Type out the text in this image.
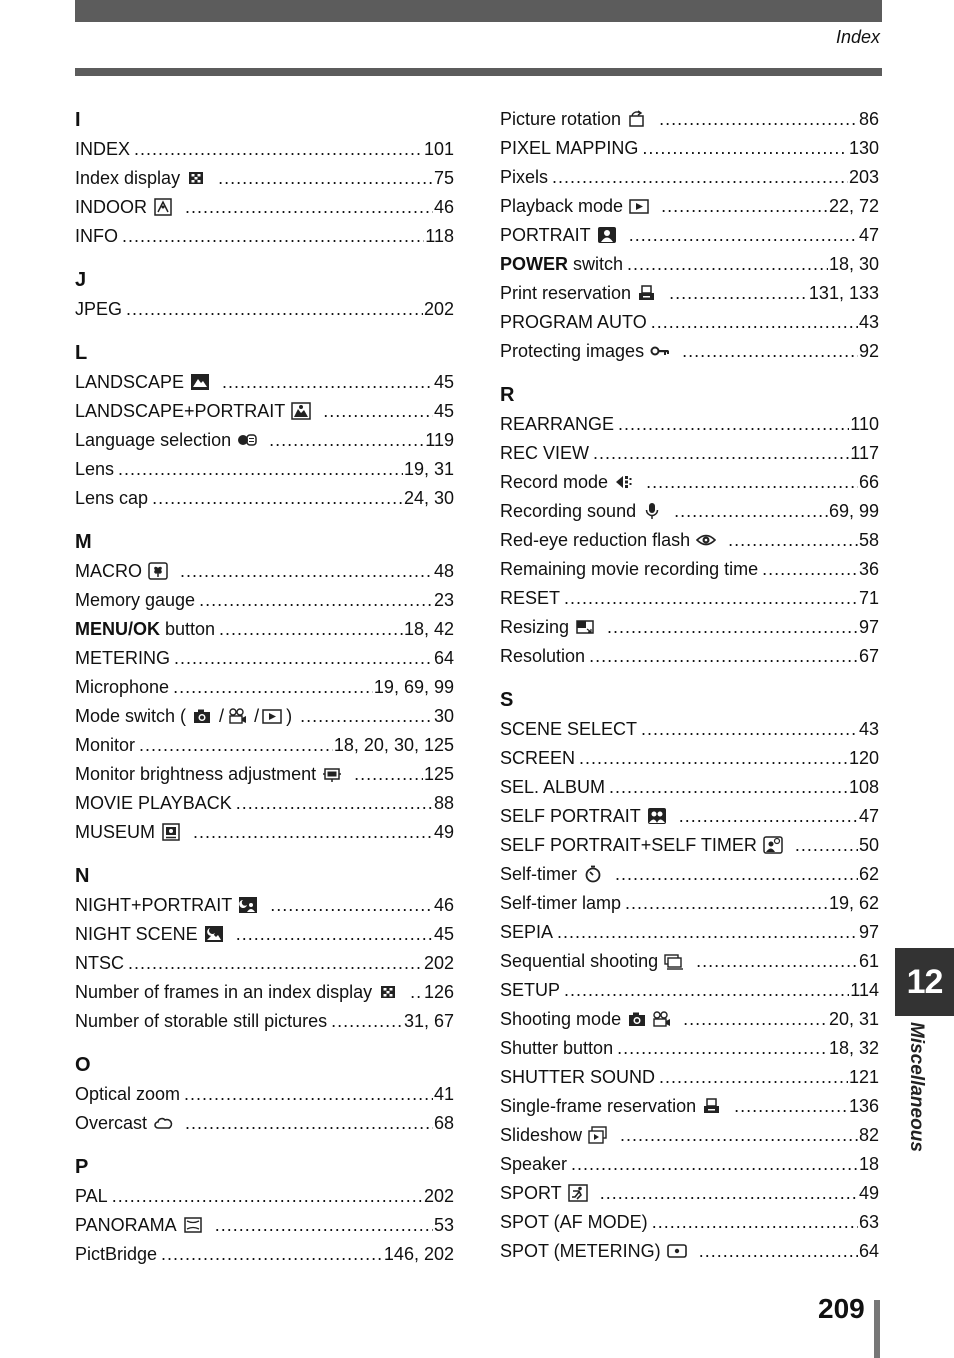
Index
I
INDEX .....	101
Index display .....	75
INDOOR .....	46
INFO .....	118
J
JPEG .....	202
L
LANDSCAPE .....	45
LANDSCAPE+PORTRAIT .....	45
Language selection .....	119
Lens .....	19, 31
Lens cap .....	24, 30
M
MACRO .....	48
Memory gauge .....	23
MENU/OK button .....	18, 42
METERING .....	64
Microphone .....	19, 69, 99
Mode switch (	/ / ) .....	30
Monitor .....	18, 20, 30, 125
Monitor brightness adjustment .....	125
MOVIE PLAYBACK .....	88
MUSEUM .....	49
N
NIGHT+PORTRAIT .....	46
NIGHT SCENE .....	45
NTSC .....	202
Number of frames in an index display .....	126
Number of storable still pictures .....	31, 67
O
Optical zoom .....	41
Overcast .....	68
P
PAL .....	202
PANORAMA .....	53
PictBridge .....	146, 202
Picture rotation .....	86
PIXEL MAPPING .....	130
Pixels .....	203
Playback mode .....	22, 72
PORTRAIT .....	47
POWER switch .....	18, 30
Print reservation .....	131, 133
PROGRAM AUTO .....	43
Protecting images .....	92
R
REARRANGE .....	110
REC VIEW .....	117
Record mode .....	66
Recording sound .....	69, 99
Red-eye reduction flash .....	58
Remaining movie recording time .....	36
RESET .....	71
Resizing .....	97
Resolution .....	67
S
SCENE SELECT .....	43
SCREEN .....	120
SEL. ALBUM .....	108
SELF PORTRAIT .....	47
SELF PORTRAIT+SELF TIMER .....	50
Self-timer .....	62
Self-timer lamp .....	19, 62
SEPIA .....	97
Sequential shooting .....	61
SETUP .....	114
Shooting mode .....	20, 31
Shutter button .....	18, 32
SHUTTER SOUND .....	121
Single-frame reservation .....	136
Slideshow .....	82
Speaker .....	18
SPORT .....	49
SPOT (AF MODE) .....	63
SPOT (METERING) .....	64
12
Miscellaneous
209
